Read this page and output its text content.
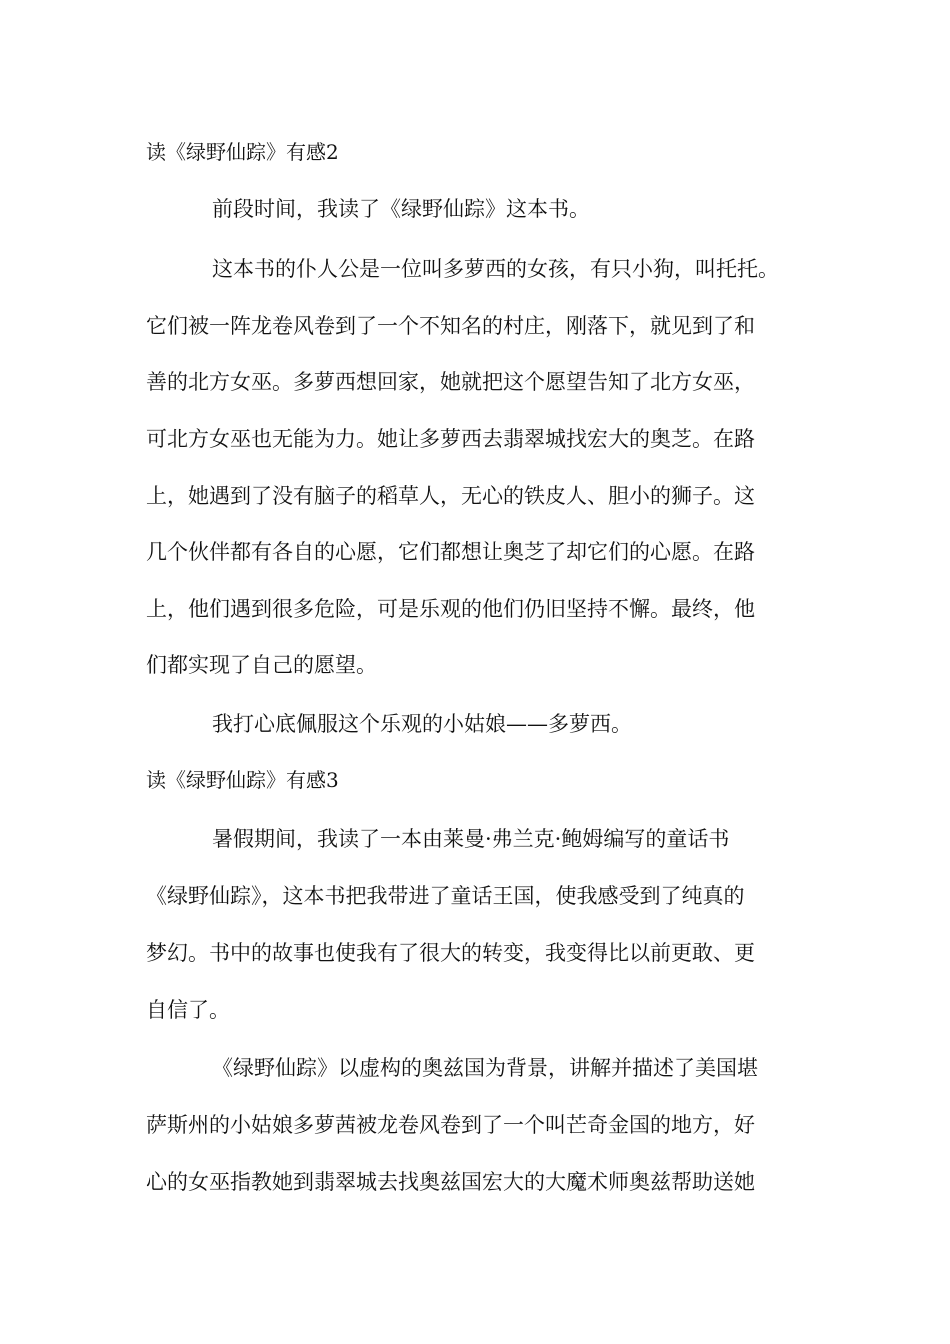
读《绿野仙踪》有感2

前段时间，我读了《绿野仙踪》这本书。

这本书的仆人公是一位叫多萝西的女孩，有只小狗，叫托托。

它们被一阵龙卷风卷到了一个不知名的村庄，刚落下，就见到了和

善的北方女巫。多萝西想回家，她就把这个愿望告知了北方女巫，

可北方女巫也无能为力。她让多萝西去翡翠城找宏大的奥芝。在路

上，她遇到了没有脑子的稻草人，无心的铁皮人、胆小的狮子。这

几个伙伴都有各自的心愿，它们都想让奥芝了却它们的心愿。在路

上，他们遇到很多危险，可是乐观的他们仍旧坚持不懈。最终，他

们都实现了自己的愿望。

我打心底佩服这个乐观的小姑娘——多萝西。

读《绿野仙踪》有感3

暑假期间，我读了一本由莱曼·弗兰克·鲍姆编写的童话书

《绿野仙踪》，这本书把我带进了童话王国，使我感受到了纯真的

梦幻。书中的故事也使我有了很大的转变，我变得比以前更敢、更

自信了。

《绿野仙踪》以虚构的奥兹国为背景，讲解并描述了美国堪

萨斯州的小姑娘多萝茜被龙卷风卷到了一个叫芒奇金国的地方，好

心的女巫指教她到翡翠城去找奥兹国宏大的大魔术师奥兹帮助送她
